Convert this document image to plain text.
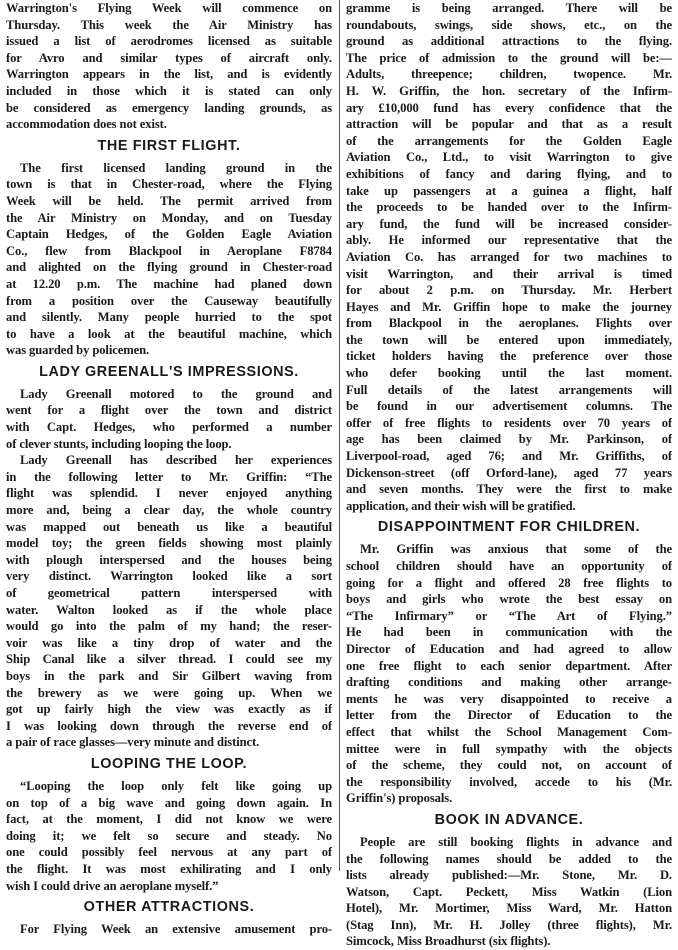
Warrington's Flying Week will commence on
Thursday. This week the Air Ministry has
issued a list of aerodromes licensed as suitable
for Avro and similar types of aircraft only.
Warrington appears in the list, and is evidently
included in those which it is stated can only
be considered as emergency landing grounds, as
accommodation does not exist.
THE FIRST FLIGHT.
The first licensed landing ground in the
town is that in Chester-road, where the Flying
Week will be held. The permit arrived from
the Air Ministry on Monday, and on Tuesday
Captain Hedges, of the Golden Eagle Aviation
Co., flew from Blackpool in Aeroplane F8784
and alighted on the flying ground in Chester-road
at 12.20 p.m. The machine had planed down
from a position over the Causeway beautifully
and silently. Many people hurried to the spot
to have a look at the beautiful machine, which
was guarded by policemen.
LADY GREENALL'S IMPRESSIONS.
Lady Greenall motored to the ground and
went for a flight over the town and district
with Capt. Hedges, who performed a number
of clever stunts, including looping the loop.
Lady Greenall has described her experiences
in the following letter to Mr. Griffin: “The
flight was splendid. I never enjoyed anything
more and, being a clear day, the whole country
was mapped out beneath us like a beautiful
model toy; the green fields showing most plainly
with plough interspersed and the houses being
very distinct. Warrington looked like a sort
of geometrical pattern interspersed with
water. Walton looked as if the whole place
would go into the palm of my hand; the reser-
voir was like a tiny drop of water and the
Ship Canal like a silver thread. I could see my
boys in the park and Sir Gilbert waving from
the brewery as we were going up. When we
got up fairly high the view was exactly as if
I was looking down through the reverse end of
a pair of race glasses—very minute and distinct.
LOOPING THE LOOP.
“Looping the loop only felt like going up
on top of a big wave and going down again. In
fact, at the moment, I did not know we were
doing it; we felt so secure and steady. No
one could possibly feel nervous at any part of
the flight. It was most exhilirating and I only
wish I could drive an aeroplane myself.”
OTHER ATTRACTIONS.
For Flying Week an extensive amusement pro-
gramme is being arranged. There will be
roundabouts, swings, side shows, etc., on the
ground as additional attractions to the flying.
The price of admission to the ground will be:—
Adults, threepence; children, twopence. Mr.
H. W. Griffin, the hon. secretary of the Infirm-
ary £10,000 fund has every confidence that the
attraction will be popular and that as a result
of the arrangements for the Golden Eagle
Aviation Co., Ltd., to visit Warrington to give
exhibitions of fancy and daring flying, and to
take up passengers at a guinea a flight, half
the proceeds to be handed over to the Infirm-
ary fund, the fund will be increased consider-
ably. He informed our representative that the
Aviation Co. has arranged for two machines to
visit Warrington, and their arrival is timed
for about 2 p.m. on Thursday. Mr. Herbert
Hayes and Mr. Griffin hope to make the journey
from Blackpool in the aeroplanes. Flights over
the town will be entered upon immediately,
ticket holders having the preference over those
who defer booking until the last moment.
Full details of the latest arrangements will
be found in our advertisement columns. The
offer of free flights to residents over 70 years of
age has been claimed by Mr. Parkinson, of
Liverpool-road, aged 76; and Mr. Griffiths, of
Dickenson-street (off Orford-lane), aged 77 years
and seven months. They were the first to make
application, and their wish will be gratified.
DISAPPOINTMENT FOR CHILDREN.
Mr. Griffin was anxious that some of the
school children should have an opportunity of
going for a flight and offered 28 free flights to
boys and girls who wrote the best essay on
“The Infirmary” or “The Art of Flying.”
He had been in communication with the
Director of Education and had agreed to allow
one free flight to each senior department. After
drafting conditions and making other arrange-
ments he was very disappointed to receive a
letter from the Director of Education to the
effect that whilst the School Management Com-
mittee were in full sympathy with the objects
of the scheme, they could not, on account of
the responsibility involved, accede to his (Mr.
Griffin's) proposals.
BOOK IN ADVANCE.
People are still booking flights in advance and
the following names should be added to the
lists already published:—Mr. Stone, Mr. D.
Watson, Capt. Peckett, Miss Watkin (Lion
Hotel), Mr. Mortimer, Miss Ward, Mr. Hatton
(Stag Inn), Mr. H. Jolley (three flights), Mr.
Simcock, Miss Broadhurst (six flights).
